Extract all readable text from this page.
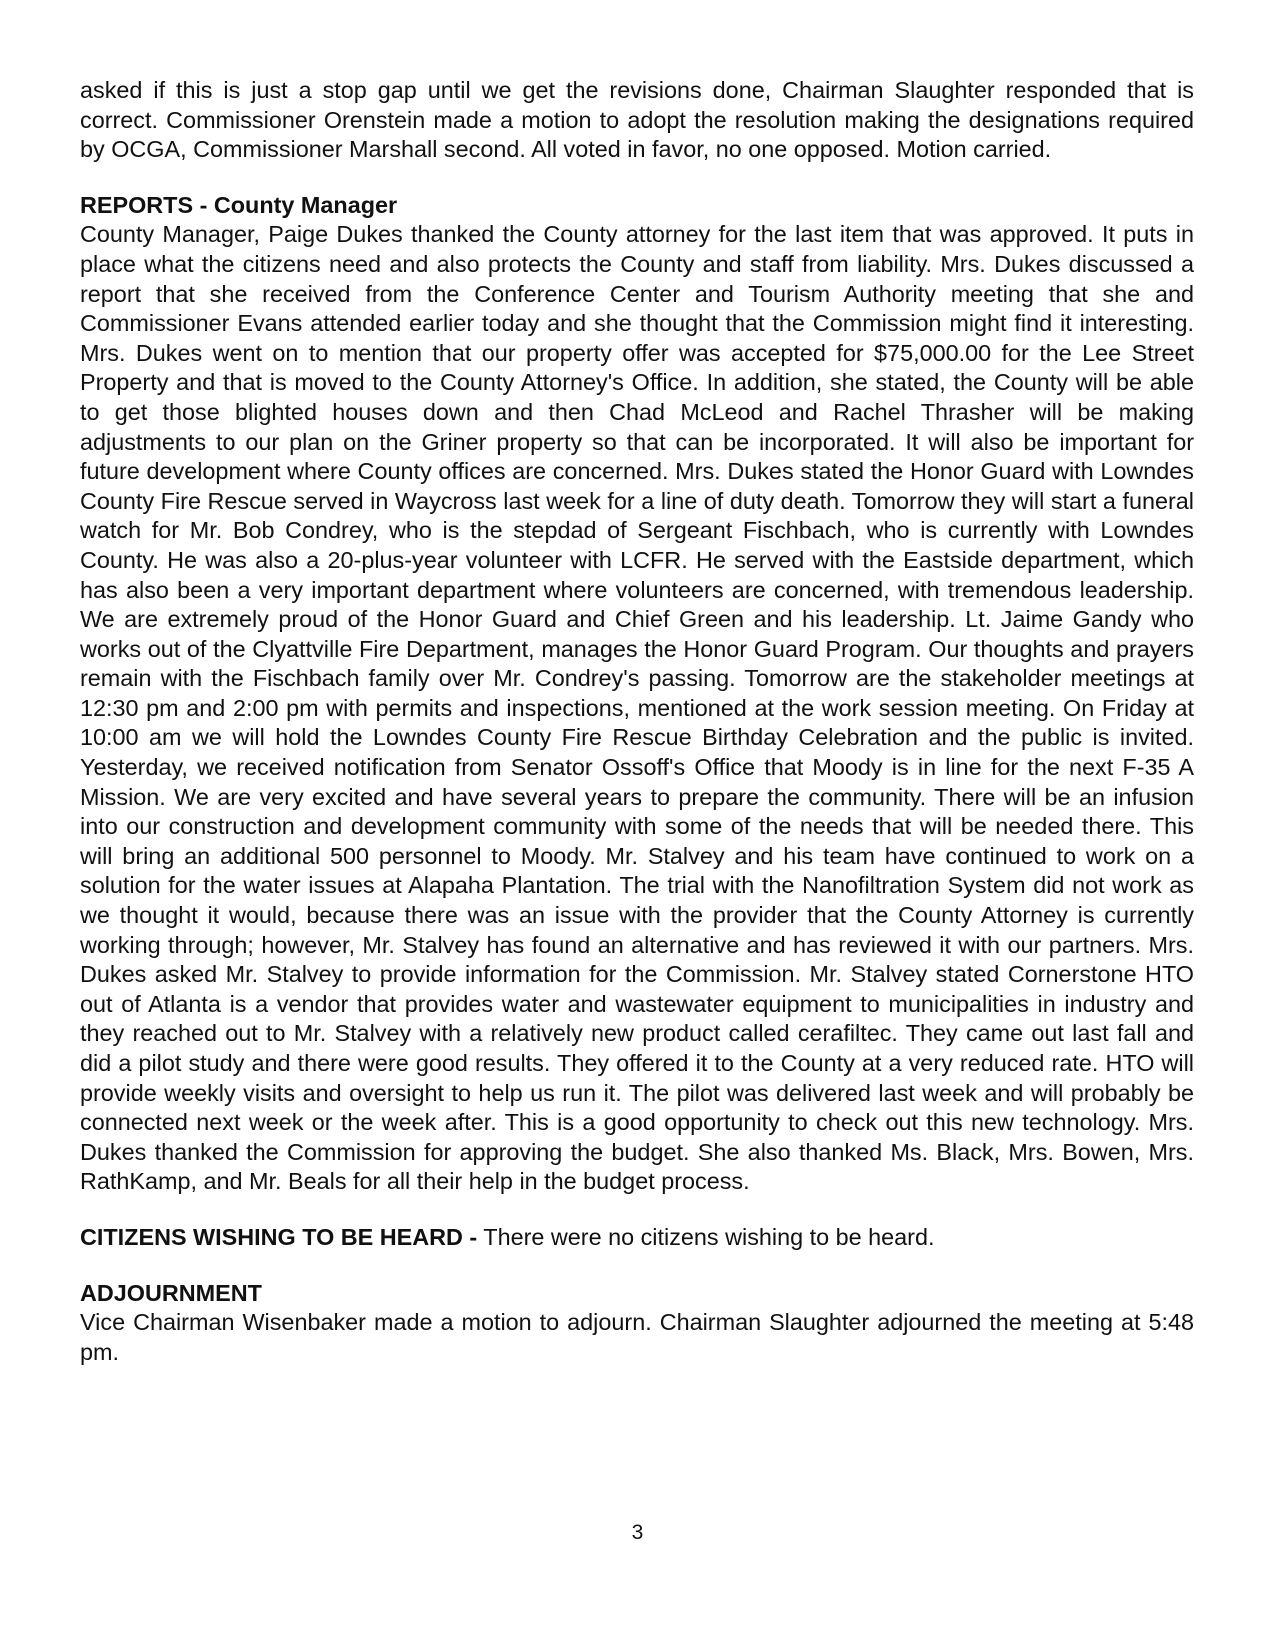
asked if this is just a stop gap until we get the revisions done, Chairman Slaughter responded that is correct. Commissioner Orenstein made a motion to adopt the resolution making the designations required by OCGA, Commissioner Marshall second. All voted in favor, no one opposed. Motion carried.

REPORTS - County Manager

County Manager, Paige Dukes thanked the County attorney for the last item that was approved. It puts in place what the citizens need and also protects the County and staff from liability. Mrs. Dukes discussed a report that she received from the Conference Center and Tourism Authority meeting that she and Commissioner Evans attended earlier today and she thought that the Commission might find it interesting. Mrs. Dukes went on to mention that our property offer was accepted for $75,000.00 for the Lee Street Property and that is moved to the County Attorney's Office. In addition, she stated, the County will be able to get those blighted houses down and then Chad McLeod and Rachel Thrasher will be making adjustments to our plan on the Griner property so that can be incorporated. It will also be important for future development where County offices are concerned. Mrs. Dukes stated the Honor Guard with Lowndes County Fire Rescue served in Waycross last week for a line of duty death. Tomorrow they will start a funeral watch for Mr. Bob Condrey, who is the stepdad of Sergeant Fischbach, who is currently with Lowndes County. He was also a 20-plus-year volunteer with LCFR. He served with the Eastside department, which has also been a very important department where volunteers are concerned, with tremendous leadership. We are extremely proud of the Honor Guard and Chief Green and his leadership. Lt. Jaime Gandy who works out of the Clyattville Fire Department, manages the Honor Guard Program. Our thoughts and prayers remain with the Fischbach family over Mr. Condrey's passing. Tomorrow are the stakeholder meetings at 12:30 pm and 2:00 pm with permits and inspections, mentioned at the work session meeting. On Friday at 10:00 am we will hold the Lowndes County Fire Rescue Birthday Celebration and the public is invited. Yesterday, we received notification from Senator Ossoff's Office that Moody is in line for the next F-35 A Mission. We are very excited and have several years to prepare the community. There will be an infusion into our construction and development community with some of the needs that will be needed there. This will bring an additional 500 personnel to Moody. Mr. Stalvey and his team have continued to work on a solution for the water issues at Alapaha Plantation. The trial with the Nanofiltration System did not work as we thought it would, because there was an issue with the provider that the County Attorney is currently working through; however, Mr. Stalvey has found an alternative and has reviewed it with our partners. Mrs. Dukes asked Mr. Stalvey to provide information for the Commission. Mr. Stalvey stated Cornerstone HTO out of Atlanta is a vendor that provides water and wastewater equipment to municipalities in industry and they reached out to Mr. Stalvey with a relatively new product called cerafiltec. They came out last fall and did a pilot study and there were good results. They offered it to the County at a very reduced rate. HTO will provide weekly visits and oversight to help us run it. The pilot was delivered last week and will probably be connected next week or the week after. This is a good opportunity to check out this new technology. Mrs. Dukes thanked the Commission for approving the budget. She also thanked Ms. Black, Mrs. Bowen, Mrs. RathKamp, and Mr. Beals for all their help in the budget process.

CITIZENS WISHING TO BE HEARD - There were no citizens wishing to be heard.

ADJOURNMENT

Vice Chairman Wisenbaker made a motion to adjourn. Chairman Slaughter adjourned the meeting at 5:48 pm.

3
